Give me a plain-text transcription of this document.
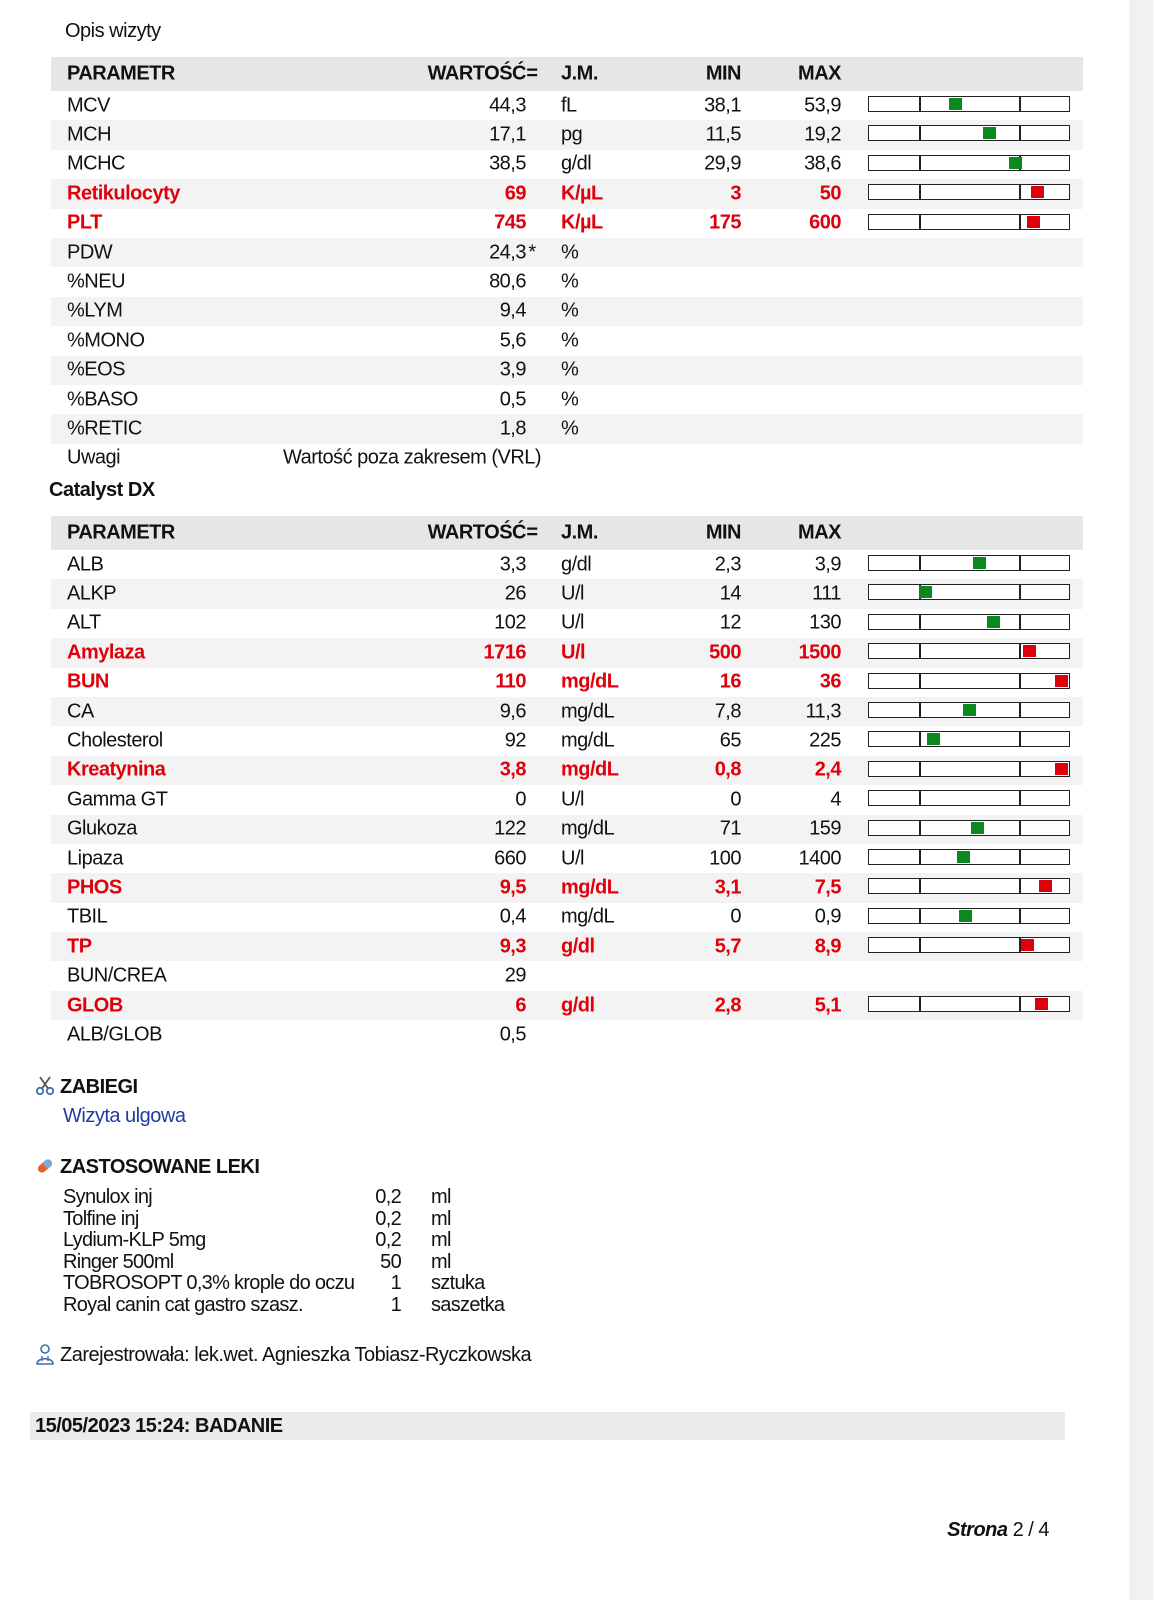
Opis wizyty
PARAMETR	WARTOŚĆ = J.M.	MIN	MAX
MCV	44,3 fL	38,1	53,9
MCH	17,1 pg	11,5	19,2
MCHC	38,5 g/dl	29,9	38,6
Retikulocyty	69 K/µL	3	50
PLT	745 K/µL	175	600
PDW	24,3 * %
%NEU	80,6 %
%LYM	9,4 %
%MONO	5,6 %
%EOS	3,9 %
%BASO	0,5 %
%RETIC	1,8 %
Uwagi	Wartość poza zakresem (VRL)
Catalyst DX
PARAMETR	WARTOŚĆ = J.M.	MIN	MAX
ALB	3,3 g/dl	2,3	3,9
ALKP	26 U/l	14	111
ALT	102 U/l	12	130
Amylaza	1716 U/l	500	1500
BUN	110 mg/dL	16	36
CA	9,6 mg/dL	7,8	11,3
Cholesterol	92 mg/dL	65	225
Kreatynina	3,8 mg/dL	0,8	2,4
Gamma GT	0 U/l	0	4
Glukoza	122 mg/dL	71	159
Lipaza	660 U/l	100	1400
PHOS	9,5 mg/dL	3,1	7,5
TBIL	0,4 mg/dL	0	0,9
TP	9,3 g/dl	5,7	8,9
BUN/CREA	29
GLOB	6 g/dl	2,8	5,1
ALB/GLOB	0,5
ZABIEGI
Wizyta ulgowa
ZASTOSOWANE LEKI
Synulox inj	0,2 ml
Tolfine inj	0,2 ml
Lydium-KLP 5mg	0,2 ml
Ringer 500ml	50 ml
TOBROSOPT 0,3% krople do oczu 1 sztuka
Royal canin cat gastro szasz.	1 saszetka
Zarejestrowała: lek.wet. Agnieszka Tobiasz-Ryczkowska
15/05/2023 15:24: BADANIE
Strona 2 / 4
